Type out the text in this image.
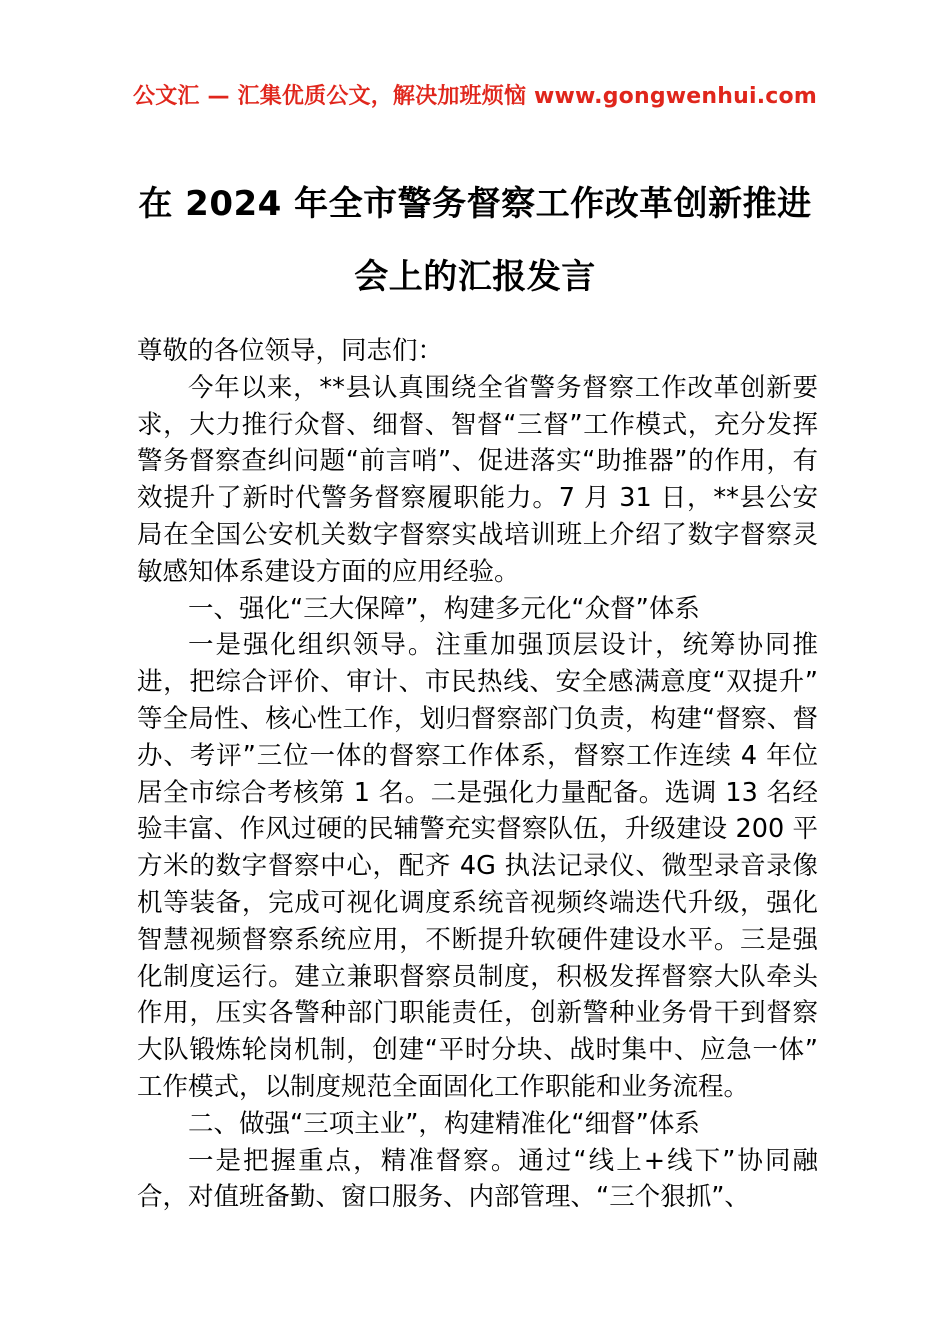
公文汇 — 汇集优质公文，解决加班烦恼 www.gongwenhui.com
在 2024 年全市警务督察工作改革创新推进
会上的汇报发言

尊敬的各位领导，同志们：

今年以来，**县认真围绕全省警务督察工作改革创新要求，大力推行众督、细督、智督“三督”工作模式，充分发挥警务督察查纠问题“前言哨”、促进落实“助推器”的作用，有效提升了新时代警务督察履职能力。7 月 31 日，**县公安局在全国公安机关数字督察实战培训班上介绍了数字督察灵敏感知体系建设方面的应用经验。

一、强化“三大保障”，构建多元化“众督”体系

一是强化组织领导。注重加强顶层设计，统筹协同推进，把综合评价、审计、市民热线、安全感满意度“双提升”等全局性、核心性工作，划归督察部门负责，构建“督察、督办、考评”三位一体的督察工作体系，督察工作连续 4 年位居全市综合考核第 1 名。二是强化力量配备。选调 13 名经验丰富、作风过硬的民辅警充实督察队伍，升级建设 200 平方米的数字督察中心，配齐 4G 执法记录仪、微型录音录像机等装备，完成可视化调度系统音视频终端迭代升级，强化智慧视频督察系统应用，不断提升软硬件建设水平。三是强化制度运行。建立兼职督察员制度，积极发挥督察大队牵头作用，压实各警种部门职能责任，创新警种业务骨干到督察大队锻炼轮岗机制，创建“平时分块、战时集中、应急一体”工作模式，以制度规范全面固化工作职能和业务流程。

二、做强“三项主业”，构建精准化“细督”体系

一是把握重点，精准督察。通过“线上+线下”协同融合，对值班备勤、窗口服务、内部管理、“三个狠抓”、
